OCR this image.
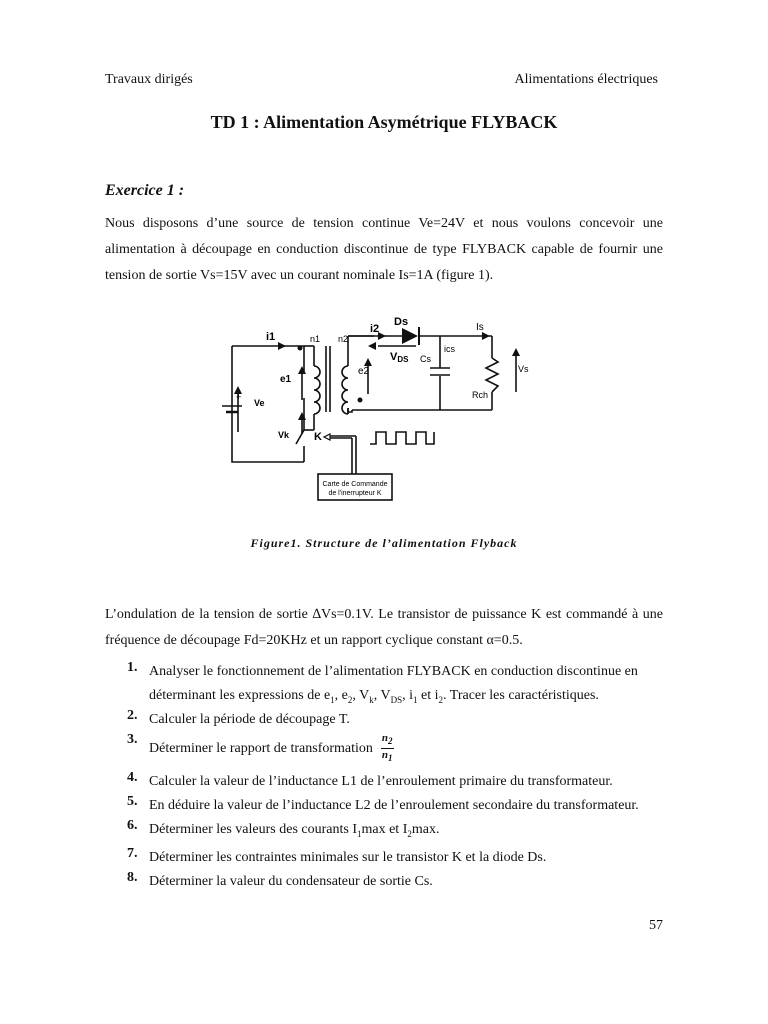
Travaux dirigés	Alimentations électriques
TD 1 : Alimentation Asymétrique FLYBACK
Exercice 1 :
Nous disposons d’une source de tension continue Ve=24V et nous voulons concevoir une alimentation à découpage en conduction discontinue de type FLYBACK capable de fournir une tension de sortie Vs=15V avec un courant nominale Is=1A (figure 1).
i1	n1 n2
i2
Ds	Is
VDS Cs
ics
Vs
Rch
e1
e2
Ve
+
Vk K
Carte de Commande
de l'inerrupteur K
Figure1. Structure de l’alimentation Flyback
L’ondulation de la tension de sortie ∆Vs=0.1V. Le transistor de puissance K est commandé à une fréquence de découpage Fd=20KHz et un rapport cyclique constant α=0.5.
1. Analyser le fonctionnement de l’alimentation FLYBACK en conduction discontinue en déterminant les expressions de $e_1$, $e_2$, $V_k$, $V_{DS}$, $i_1$ et $i_2$. Tracer les caractéristiques.
2. Calculer la période de découpage T.
3.
Déterminer le rapport de transformation $\frac{n_2}{n_1}$
4. Calculer la valeur de l’inductance L1 de l’enroulement primaire du transformateur.
5. En déduire la valeur de l’inductance L2 de l’enroulement secondaire du transformateur.
6. Déterminer les valeurs des courants $I_1\max$ et $I_2\max$.
7. Déterminer les contraintes minimales sur le transistor K et la diode Ds.
8. Déterminer la valeur du condensateur de sortie Cs.
57
